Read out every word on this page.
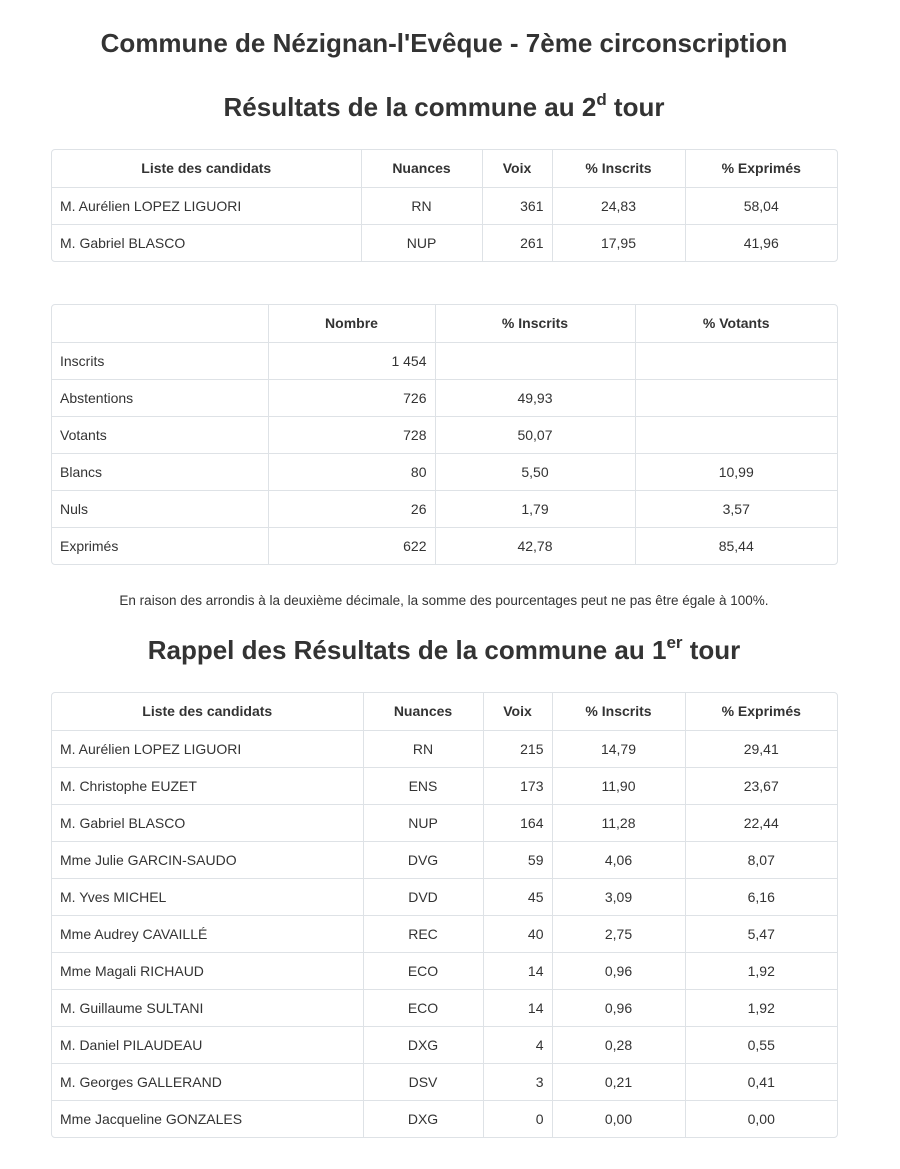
Commune de Nézignan-l'Evêque - 7ème circonscription
Résultats de la commune au 2$^d$ tour
Liste des candidats	Nuances	Voix	% Inscrits	% Exprimés
M. Aurélien LOPEZ LIGUORI	RN	361	24,83	58,04
M. Gabriel BLASCO	NUP	261	17,95	41,96
	Nombre	% Inscrits	% Votants
Inscrits	1 454		
Abstentions	726	49,93	
Votants	728	50,07	
Blancs	80	5,50	10,99
Nuls	26	1,79	3,57
Exprimés	622	42,78	85,44

En raison des arrondis à la deuxième décimale, la somme des pourcentages peut ne pas être égale à 100%.

Rappel des Résultats de la commune au 1er tour
Liste des candidats	Nuances	Voix	% Inscrits	% Exprimés
M. Aurélien LOPEZ LIGUORI	RN	215	14,79	29,41
M. Christophe EUZET	ENS	173	11,90	23,67
M. Gabriel BLASCO	NUP	164	11,28	22,44
Mme Julie GARCIN-SAUDO	DVG	59	4,06	8,07
M. Yves MICHEL	DVD	45	3,09	6,16
Mme Audrey CAVAILLÉ	REC	40	2,75	5,47
Mme Magali RICHAUD	ECO	14	0,96	1,92
M. Guillaume SULTANI	ECO	14	0,96	1,92
M. Daniel PILAUDEAU	DXG	4	0,28	0,55
M. Georges GALLERAND	DSV	3	0,21	0,41
Mme Jacqueline GONZALES	DXG	0	0,00	0,00
